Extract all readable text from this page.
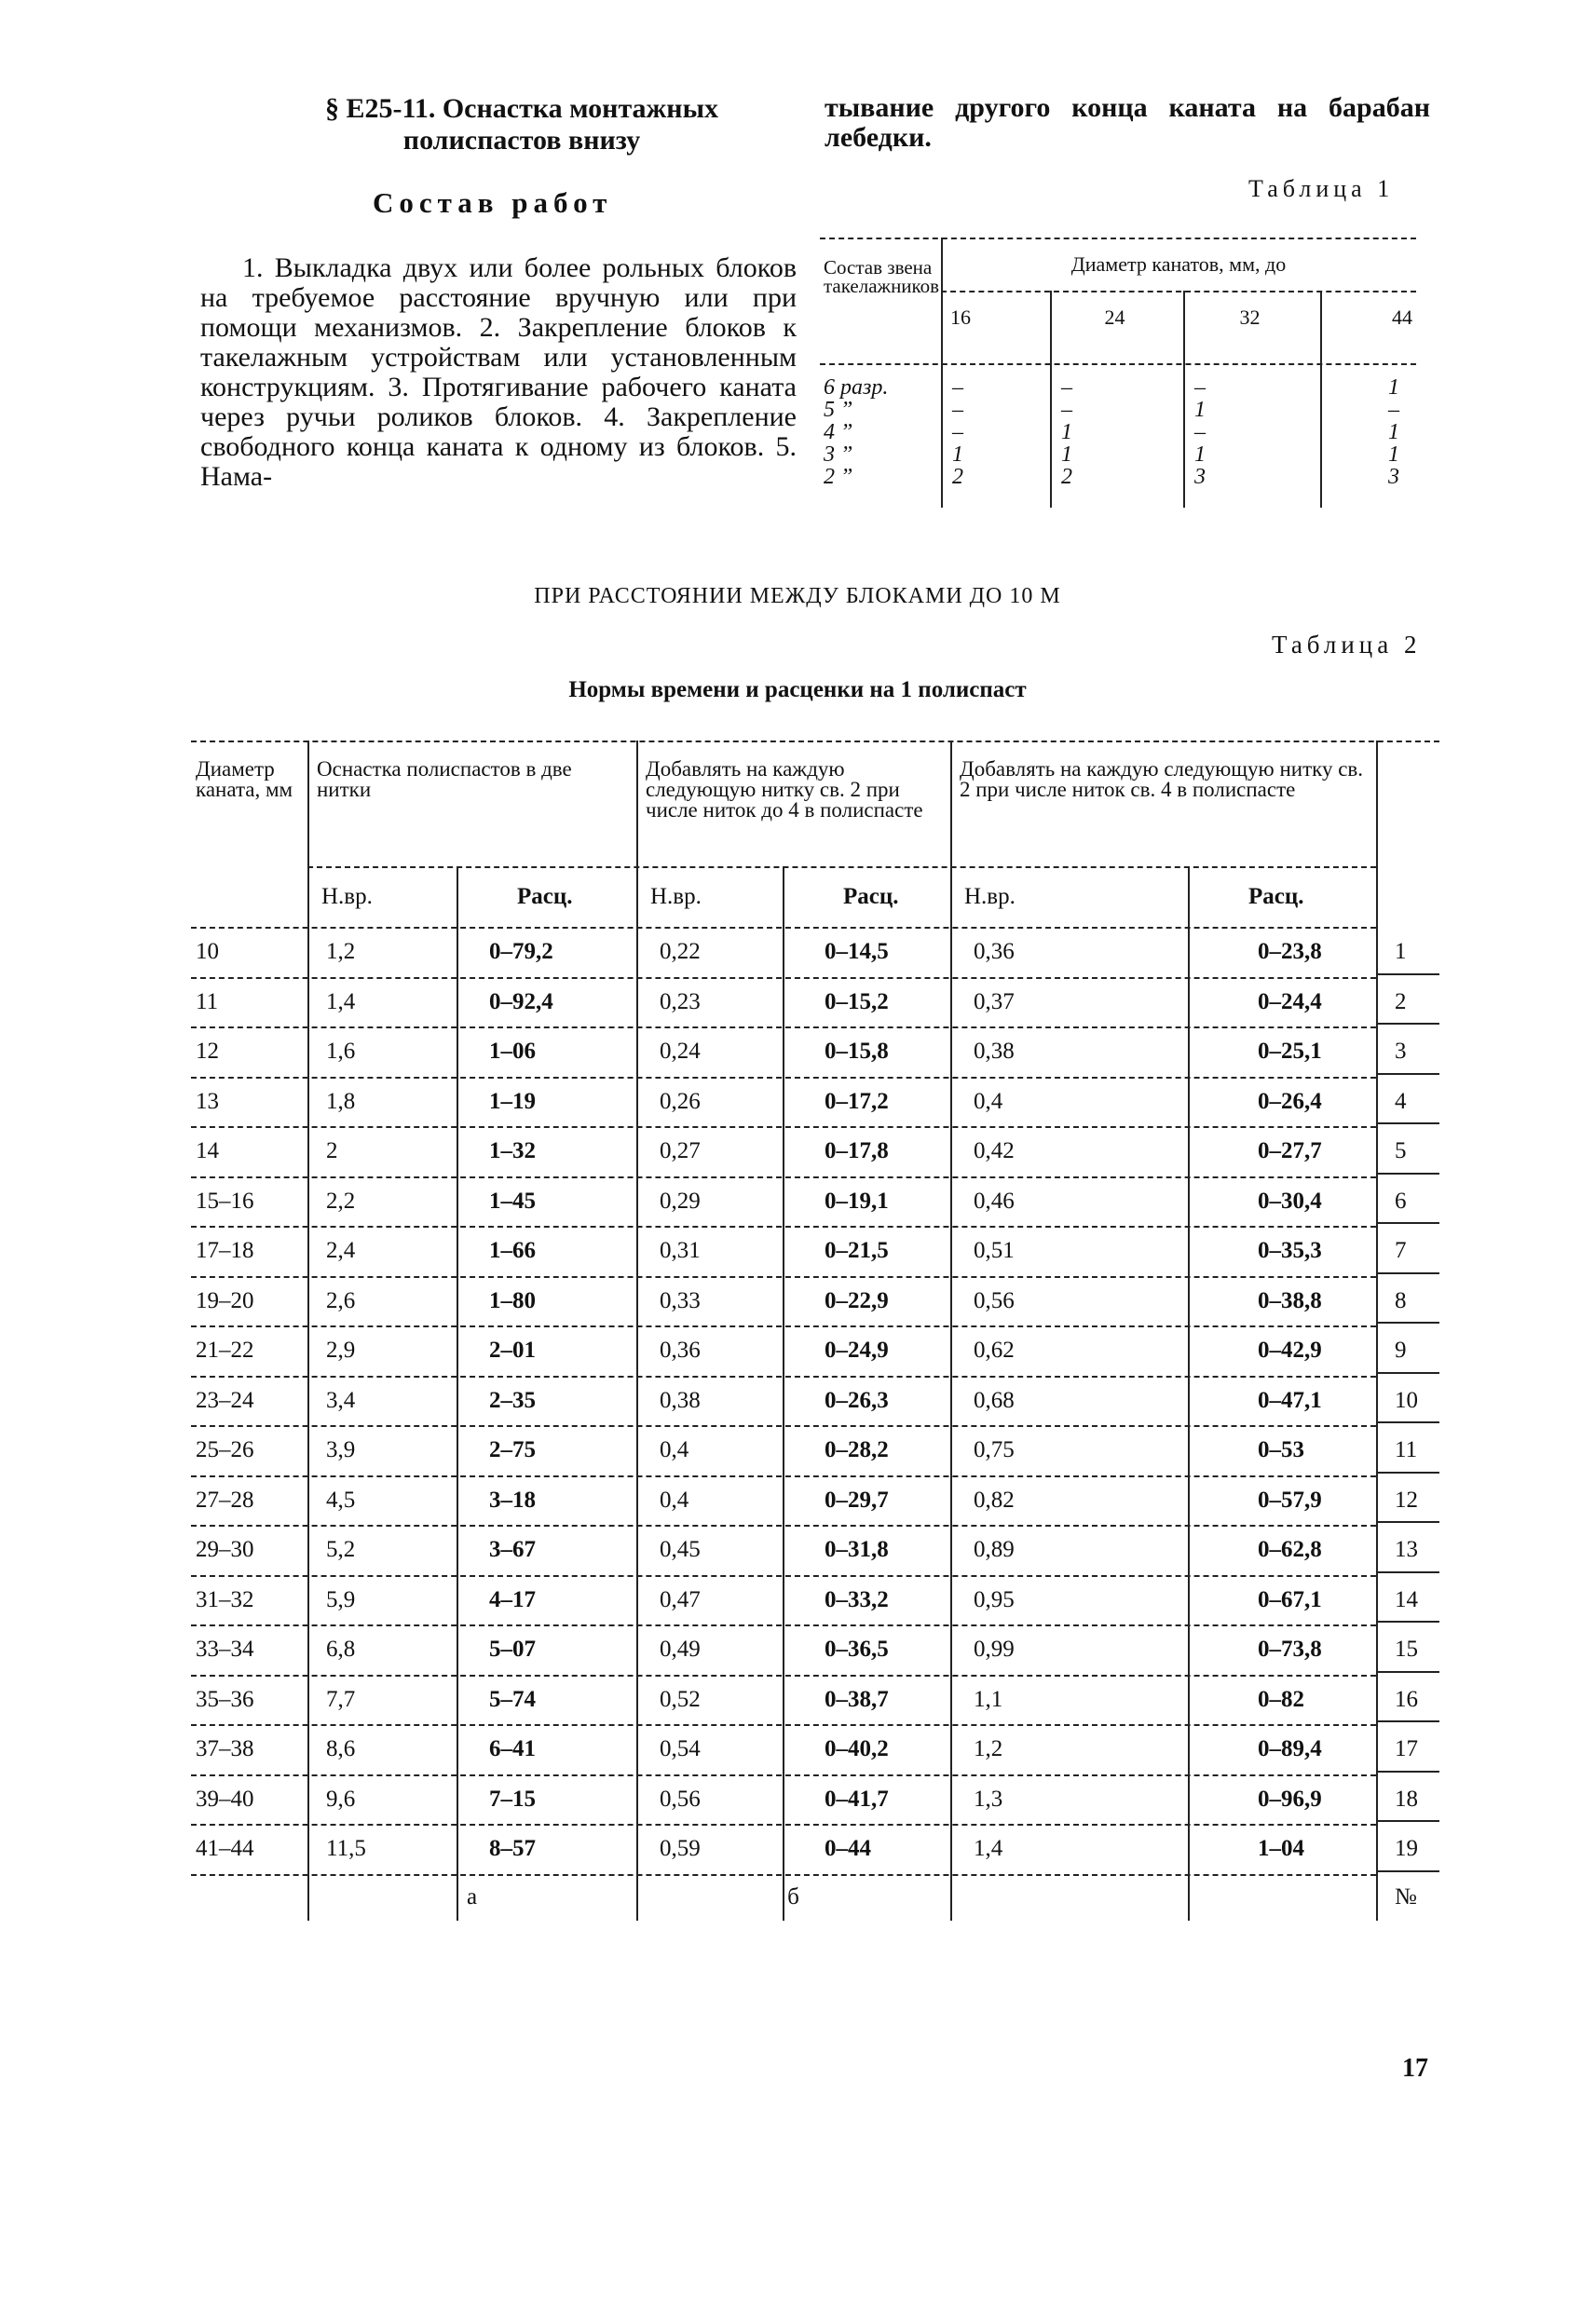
§ Е25-11. Оснастка монтажных
полиспастов внизу
Состав работ
1. Выкладка двух или более рольных блоков на требуемое расстояние вручную или при помощи механизмов. 2. Закрепление блоков к такелажным устройствам или установленным конструкциям. 3. Протягивание рабочего каната через ручьи роликов блоков. 4. Закрепление свободного конца каната к одному из блоков. 5. Нама-
тывание другого конца каната на барабан лебедки.
Таблица 1
Состав звена такелажников
Диаметр канатов, мм, до
16	24	32	44
6 разр.	–	–	–	1
5 ”	–	–	1	–
4 ”	–	1	–	1
3 ”	1	1	1	1
2 ”	2	2	3	3
ПРИ РАССТОЯНИИ МЕЖДУ БЛОКАМИ ДО 10 М
Таблица 2
Нормы времени и расценки на 1 полиспаст
Диаметр каната, мм
Оснастка полиспастов в две нитки
Добавлять на каждую следующую нитку св. 2 при числе ниток до 4 в полиспасте
Добавлять на каждую следующую нитку св. 2 при числе ниток св. 4 в полиспасте
Н.вр.	Расц.	Н.вр.	Расц.	Н.вр.	Расц.
10	1,2	0–79,2	0,22	0–14,5	0,36	0–23,8	1
11	1,4	0–92,4	0,23	0–15,2	0,37	0–24,4	2
12	1,6	1–06	0,24	0–15,8	0,38	0–25,1	3
13	1,8	1–19	0,26	0–17,2	0,4	0–26,4	4
14	2	1–32	0,27	0–17,8	0,42	0–27,7	5
15–16	2,2	1–45	0,29	0–19,1	0,46	0–30,4	6
17–18	2,4	1–66	0,31	0–21,5	0,51	0–35,3	7
19–20	2,6	1–80	0,33	0–22,9	0,56	0–38,8	8
21–22	2,9	2–01	0,36	0–24,9	0,62	0–42,9	9
23–24	3,4	2–35	0,38	0–26,3	0,68	0–47,1	10
25–26	3,9	2–75	0,4	0–28,2	0,75	0–53	11
27–28	4,5	3–18	0,4	0–29,7	0,82	0–57,9	12
29–30	5,2	3–67	0,45	0–31,8	0,89	0–62,8	13
31–32	5,9	4–17	0,47	0–33,2	0,95	0–67,1	14
33–34	6,8	5–07	0,49	0–36,5	0,99	0–73,8	15
35–36	7,7	5–74	0,52	0–38,7	1,1	0–82	16
37–38	8,6	6–41	0,54	0–40,2	1,2	0–89,4	17
39–40	9,6	7–15	0,56	0–41,7	1,3	0–96,9	18
41–44	11,5	8–57	0,59	0–44	1,4	1–04	19
а	б	№
17
